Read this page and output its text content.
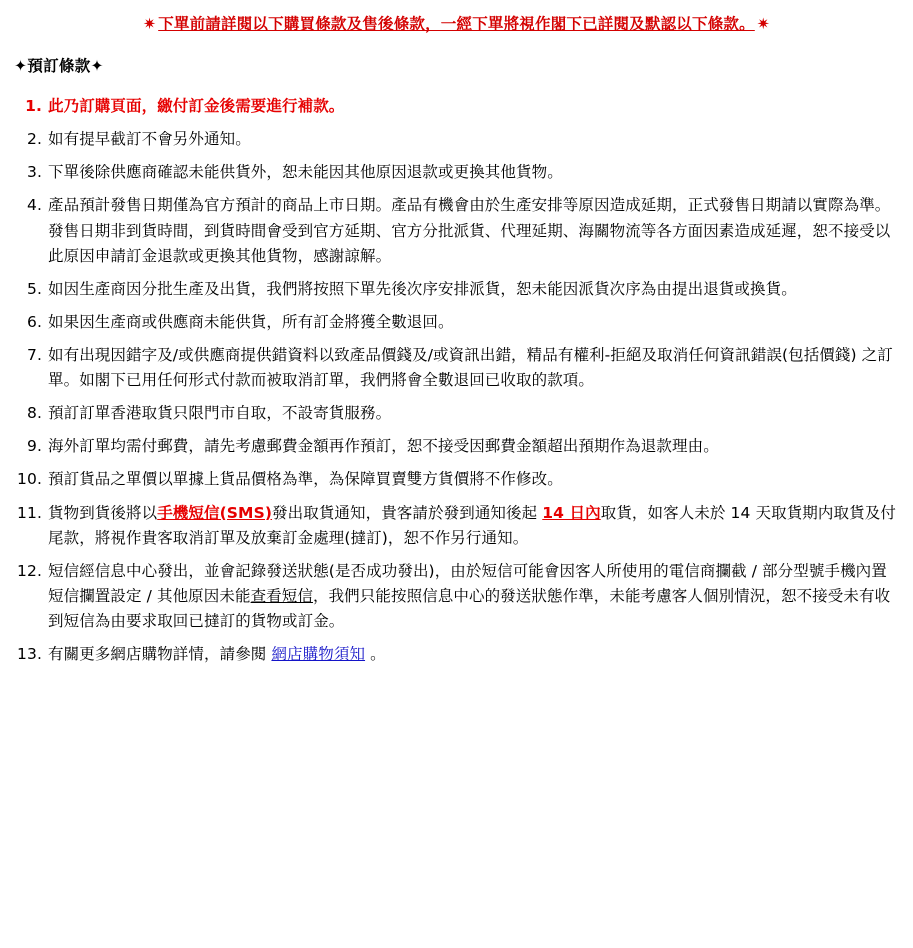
✷ 下單前請詳閱以下購買條款及售後條款，一經下單將視作閣下已詳閱及默認以下條款。 ✷
✦預訂條款✦
1. 此乃訂購頁面，繳付訂金後需要進行補款。
2. 如有提早截訂不會另外通知。
3. 下單後除供應商確認未能供貨外，恕未能因其他原因退款或更換其他貨物。
4. 產品預計發售日期僅為官方預計的商品上市日期。產品有機會由於生產安排等原因造成延期，正式發售日期請以實際為準。發售日期非到貨時間，到貨時間會受到官方延期、官方分批派貨、代理延期、海關物流等各方面因素造成延遲，恕不接受以此原因申請訂金退款或更換其他貨物，感謝諒解。
5. 如因生產商因分批生產及出貨，我們將按照下單先後次序安排派貨，恕未能因派貨次序為由提出退貨或換貨。
6. 如果因生產商或供應商未能供貨，所有訂金將獲全數退回。
7. 如有出現因錯字及/或供應商提供錯資料以致產品價錢及/或資訊出錯，精品有權利-拒絕及取消任何資訊錯誤(包括價錢) 之訂單。如閣下已用任何形式付款而被取消訂單，我們將會全數退回已收取的款項。
8. 預訂訂單香港取貨只限門市自取，不設寄貨服務。
9. 海外訂單均需付郵費，請先考慮郵費金額再作預訂，恕不接受因郵費金額超出預期作為退款理由。
10. 預訂貨品之單價以單據上貨品價格為準，為保障買賣雙方貨價將不作修改。
11. 貨物到貨後將以手機短信(SMS)發出取貨通知，貴客請於發到通知後起 14 日內取貨，如客人未於 14 天取貨期内取貨及付尾款，將視作貴客取消訂單及放棄訂金處理(撻訂)，恕不作另行通知。
12. 短信經信息中心發出，並會記錄發送狀態(是否成功發出)，由於短信可能會因客人所使用的電信商攔截 / 部分型號手機內置短信攔置設定 / 其他原因未能查看短信，我們只能按照信息中心的發送狀態作準，未能考慮客人個別情況，恕不接受未有收到短信為由要求取回已撻訂的貨物或訂金。
13. 有關更多網店購物詳情，請參閱 網店購物須知 。
